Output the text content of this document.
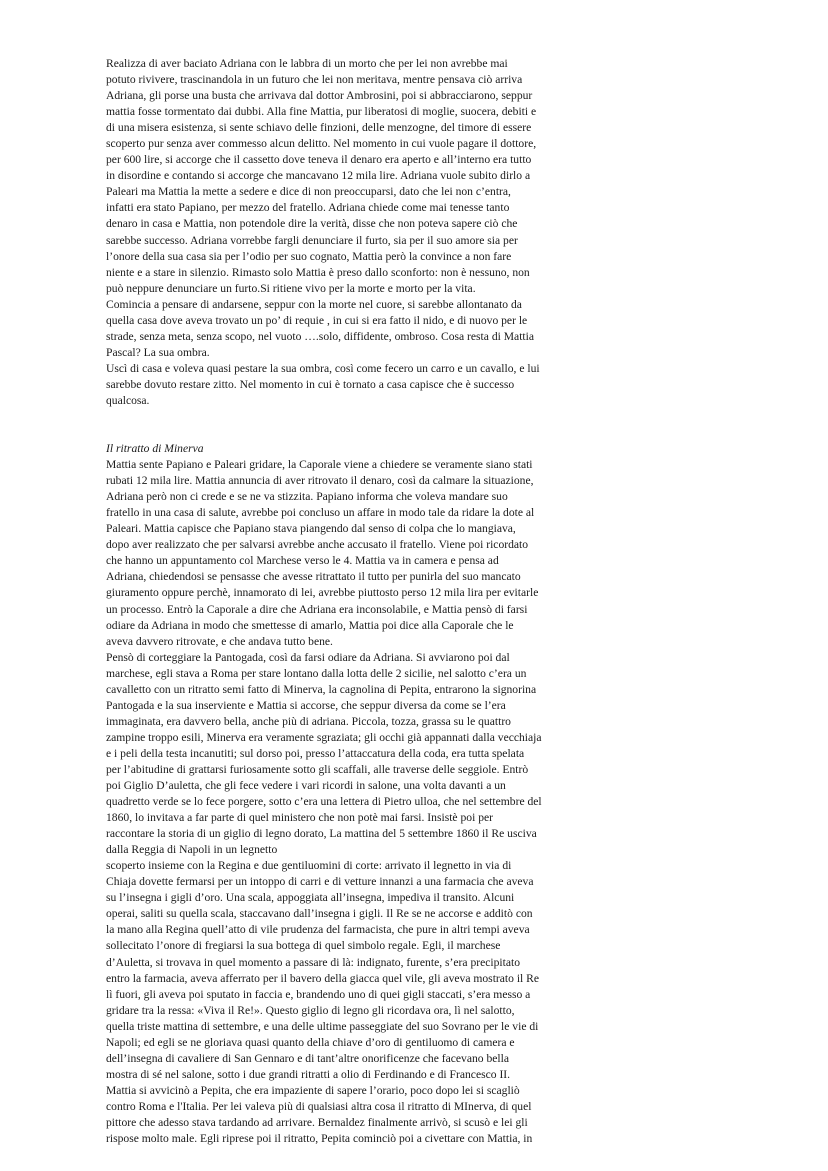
Realizza di aver baciato Adriana con le labbra di un morto che per lei non avrebbe mai
potuto rivivere, trascinandola in un futuro che lei non meritava, mentre pensava ciò arriva
Adriana, gli porse una busta che arrivava dal dottor Ambrosini, poi si abbracciarono, seppur
mattia fosse tormentato dai dubbi. Alla fine Mattia, pur liberatosi di moglie, suocera, debiti e
di una misera esistenza, si sente schiavo delle finzioni, delle menzogne, del timore di essere
scoperto pur senza aver commesso alcun delitto. Nel momento in cui vuole pagare il dottore,
per 600 lire, si accorge che il cassetto dove teneva il denaro era aperto e all’interno era tutto
in disordine e contando si accorge che mancavano 12 mila lire. Adriana vuole subito dirlo a
Paleari ma Mattia la mette a sedere e dice di non preoccuparsi, dato che lei non c’entra,
infatti era stato Papiano, per mezzo del fratello. Adriana chiede come mai tenesse tanto
denaro in casa e Mattia, non potendole dire la verità, disse che non poteva sapere ciò che
sarebbe successo. Adriana vorrebbe fargli denunciare il furto, sia per il suo amore sia per
l’onore della sua casa sia per l’odio per suo cognato, Mattia però la convince a non fare
niente e a stare in silenzio. Rimasto solo Mattia è preso dallo sconforto: non è nessuno, non
può neppure denunciare un furto.Si ritiene vivo per la morte e morto per la vita.
Comincia a pensare di andarsene, seppur con la morte nel cuore, si sarebbe allontanato da
quella casa dove aveva trovato un po’ di requie , in cui si era fatto il nido, e di nuovo per le
strade, senza meta, senza scopo, nel vuoto ….solo, diffidente, ombroso. Cosa resta di Mattia
Pascal? La sua ombra.
Uscì di casa e voleva quasi pestare la sua ombra, così come fecero un carro e un cavallo, e lui
sarebbe dovuto restare zitto. Nel momento in cui è tornato a casa capisce che è successo
qualcosa.
Il ritratto di Minerva
Mattia sente Papiano e Paleari gridare, la Caporale viene a chiedere se veramente siano stati
rubati 12 mila lire. Mattia annuncia di aver ritrovato il denaro, così da calmare la situazione,
Adriana però non ci crede e se ne va stizzita. Papiano informa che voleva mandare suo
fratello in una casa di salute, avrebbe poi concluso un affare in modo tale da ridare la dote al
Paleari. Mattia capisce che Papiano stava piangendo dal senso di colpa che lo mangiava,
dopo aver realizzato che per salvarsi avrebbe anche accusato il fratello. Viene poi ricordato
che hanno un appuntamento col Marchese verso le 4. Mattia va in camera e pensa ad
Adriana, chiedendosi se pensasse che avesse ritrattato il tutto per punirla del suo mancato
giuramento oppure perchè, innamorato di lei, avrebbe piuttosto perso 12 mila lira per evitarle
un processo. Entrò la Caporale a dire che Adriana era inconsolabile, e Mattia pensò di farsi
odiare da Adriana in modo che smettesse di amarlo, Mattia poi dice alla Caporale che le
aveva davvero ritrovate, e che andava tutto bene.
Pensò di corteggiare la Pantogada, così da farsi odiare da Adriana. Si avviarono poi dal
marchese, egli stava a Roma per stare lontano dalla lotta delle 2 sicilie, nel salotto c’era un
cavalletto con un ritratto semi fatto di Minerva, la cagnolina di Pepita, entrarono la signorina
Pantogada e la sua inserviente e Mattia si accorse, che seppur diversa da come se l’era
immaginata, era davvero bella, anche più di adriana. Piccola, tozza, grassa su le quattro
zampine troppo esili, Minerva era veramente sgraziata; gli occhi già appannati dalla vecchiaja
e i peli della testa incanutiti; sul dorso poi, presso l’attaccatura della coda, era tutta spelata
per l’abitudine di grattarsi furiosamente sotto gli scaffali, alle traverse delle seggiole. Entrò
poi Giglio D’auletta, che gli fece vedere i vari ricordi in salone, una volta davanti a un
quadretto verde se lo fece porgere, sotto c’era una lettera di Pietro ulloa, che nel settembre del
1860, lo invitava a far parte di quel ministero che non potè mai farsi. Insistè poi per
raccontare la storia di un giglio di legno dorato, La mattina del 5 settembre 1860 il Re usciva
dalla Reggia di Napoli in un legnetto
scoperto insieme con la Regina e due gentiluomini di corte: arrivato il legnetto in via di
Chiaja dovette fermarsi per un intoppo di carri e di vetture innanzi a una farmacia che aveva
su l’insegna i gigli d’oro. Una scala, appoggiata all’insegna, impediva il transito. Alcuni
operai, saliti su quella scala, staccavano dall’insegna i gigli. Il Re se ne accorse e additò con
la mano alla Regina quell’atto di vile prudenza del farmacista, che pure in altri tempi aveva
sollecitato l’onore di fregiarsi la sua bottega di quel simbolo regale. Egli, il marchese
d’Auletta, si trovava in quel momento a passare di là: indignato, furente, s’era precipitato
entro la farmacia, aveva afferrato per il bavero della giacca quel vile, gli aveva mostrato il Re
lì fuori, gli aveva poi sputato in faccia e, brandendo uno di quei gigli staccati, s’era messo a
gridare tra la ressa: «Viva il Re!». Questo giglio di legno gli ricordava ora, lì nel salotto,
quella triste mattina di settembre, e una delle ultime passeggiate del suo Sovrano per le vie di
Napoli; ed egli se ne gloriava quasi quanto della chiave d’oro di gentiluomo di camera e
dell’insegna di cavaliere di San Gennaro e di tant’altre onorificenze che facevano bella
mostra di sé nel salone, sotto i due grandi ritratti a olio di Ferdinando e di Francesco II.
Mattia si avvicinò a Pepita, che era impaziente di sapere l’orario, poco dopo lei si scagliò
contro Roma e l'Italia. Per lei valeva più di qualsiasi altra cosa il ritratto di MInerva, di quel
pittore che adesso stava tardando ad arrivare. Bernaldez finalmente arrivò, si scusò e lei gli
rispose molto male. Egli riprese poi il ritratto, Pepita cominciò poi a civettare con Mattia, in
